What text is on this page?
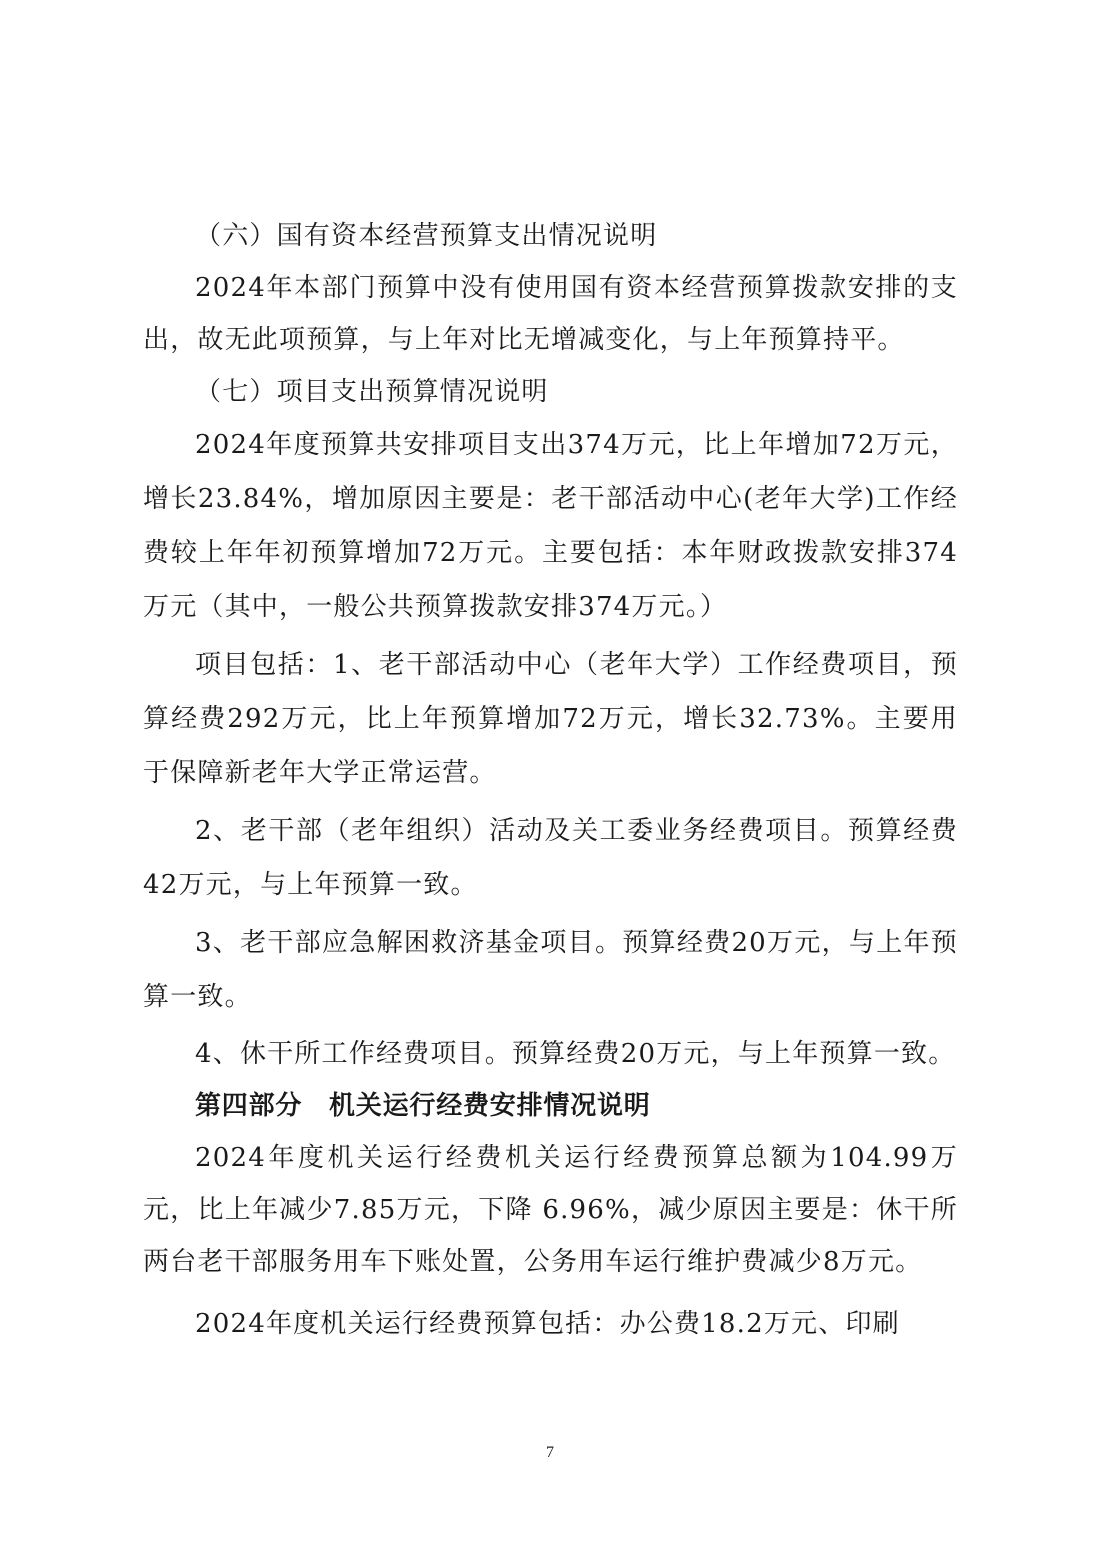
（六）国有资本经营预算支出情况说明

2024年本部门预算中没有使用国有资本经营预算拨款安排的支出，故无此项预算，与上年对比无增减变化，与上年预算持平。

（七）项目支出预算情况说明

2024年度预算共安排项目支出374万元，比上年增加72万元，增长23.84%，增加原因主要是：老干部活动中心(老年大学)工作经费较上年年初预算增加72万元。主要包括：本年财政拨款安排374万元（其中，一般公共预算拨款安排374万元。）

项目包括：1、老干部活动中心（老年大学）工作经费项目，预算经费292万元，比上年预算增加72万元，增长32.73%。主要用于保障新老年大学正常运营。

2、老干部（老年组织）活动及关工委业务经费项目。预算经费42万元，与上年预算一致。

3、老干部应急解困救济基金项目。预算经费20万元，与上年预算一致。

4、休干所工作经费项目。预算经费20万元，与上年预算一致。

第四部分　机关运行经费安排情况说明

2024年度机关运行经费机关运行经费预算总额为104.99万元，比上年减少7.85万元，下降 6.96%，减少原因主要是：休干所两台老干部服务用车下账处置，公务用车运行维护费减少8万元。

2024年度机关运行经费预算包括：办公费18.2万元、印刷

7
